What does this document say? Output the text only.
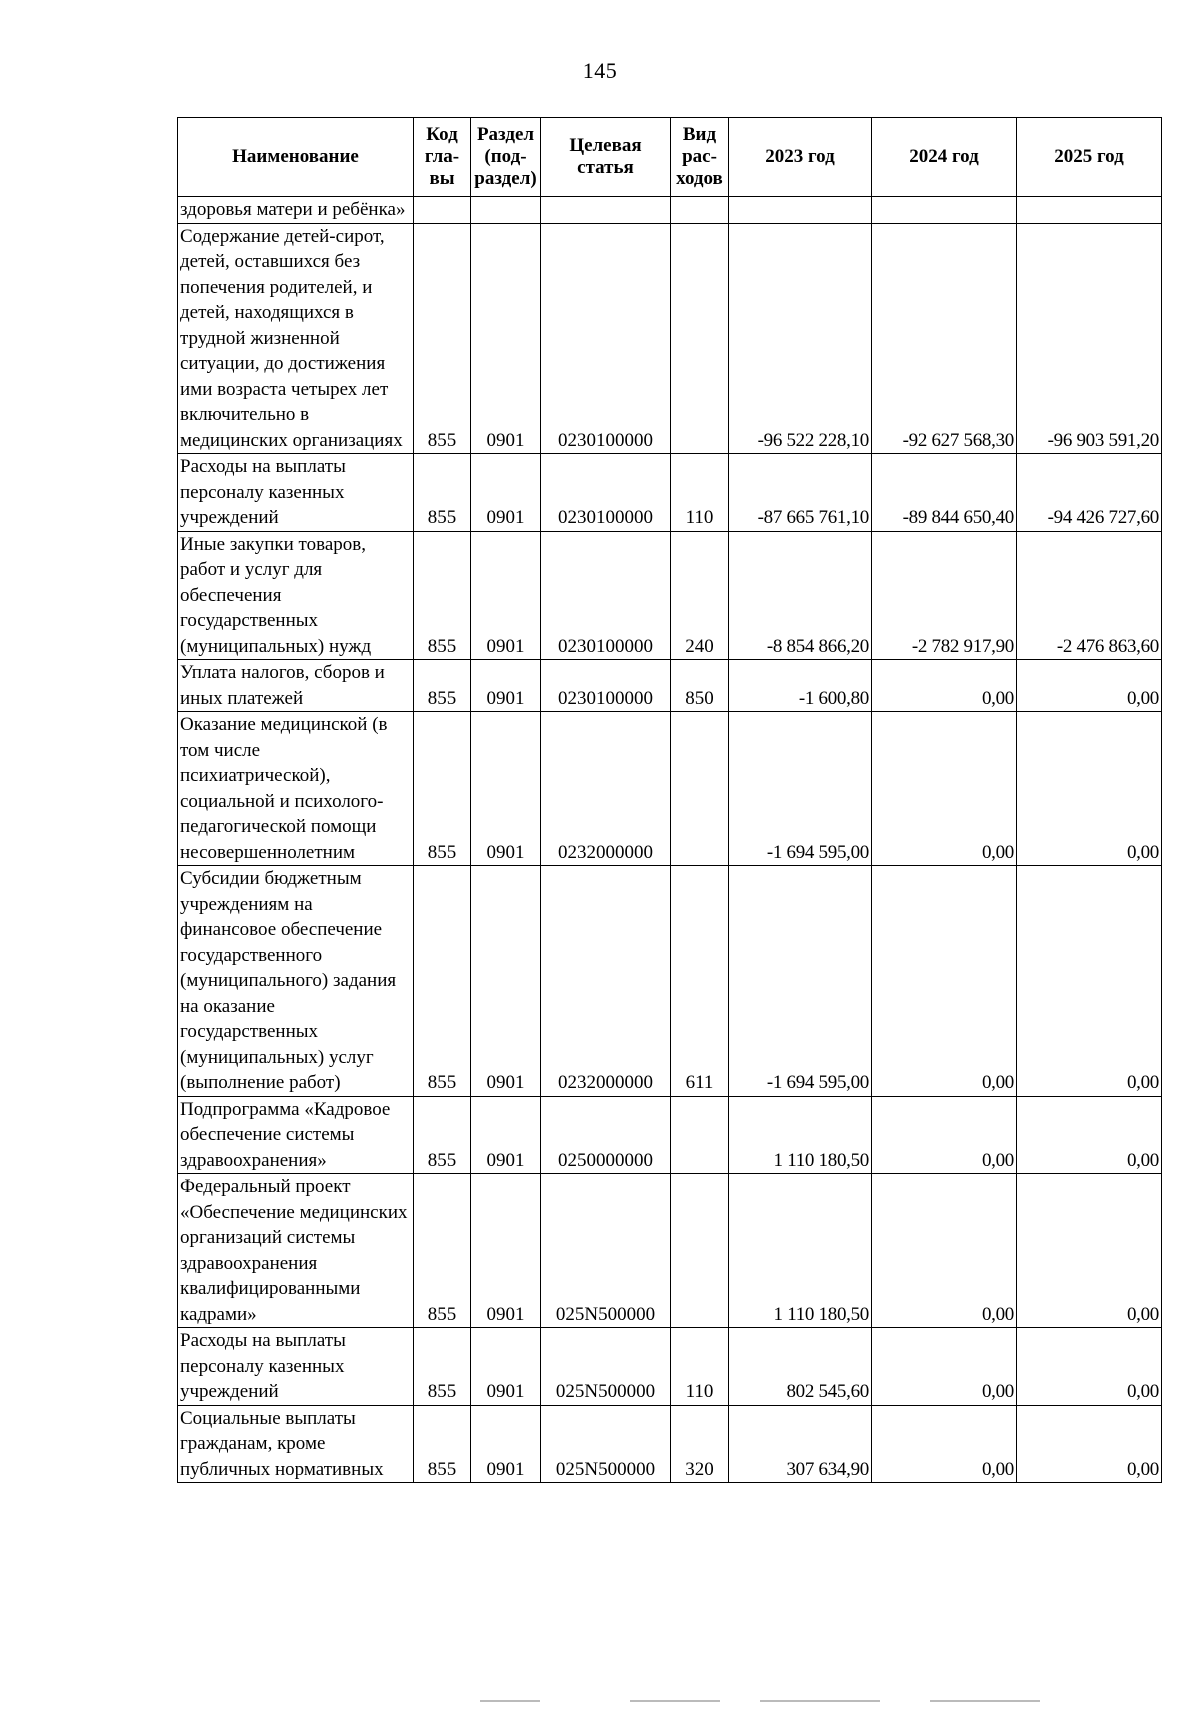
145
Наименование	Код
гла-
вы	Раздел
(под-
раздел)	Целевая
статья	Вид
рас-
ходов	2023 год	2024 год	2025 год
здоровья матери и ребёнка»							
Содержание детей-сирот, детей, оставшихся без попечения родителей, и детей, находящихся в трудной жизненной ситуации, до достижения ими возраста четырех лет включительно в медицинских организациях	855	0901	0230100000		-96 522 228,10	-92 627 568,30	-96 903 591,20
Расходы на выплаты персоналу казенных учреждений	855	0901	0230100000	110	-87 665 761,10	-89 844 650,40	-94 426 727,60
Иные закупки товаров, работ и услуг для обеспечения государственных (муниципальных) нужд	855	0901	0230100000	240	-8 854 866,20	-2 782 917,90	-2 476 863,60
Уплата налогов, сборов и иных платежей	855	0901	0230100000	850	-1 600,80	0,00	0,00
Оказание медицинской (в том числе психиатрической), социальной и психолого-педагогической помощи несовершеннолетним	855	0901	0232000000		-1 694 595,00	0,00	0,00
Субсидии бюджетным учреждениям на финансовое обеспечение государственного (муниципального) задания на оказание государственных (муниципальных) услуг (выполнение работ)	855	0901	0232000000	611	-1 694 595,00	0,00	0,00
Подпрограмма «Кадровое обеспечение системы здравоохранения»	855	0901	0250000000		1 110 180,50	0,00	0,00
Федеральный проект «Обеспечение медицинских организаций системы здравоохранения квалифицированными кадрами»	855	0901	025N500000		1 110 180,50	0,00	0,00
Расходы на выплаты персоналу казенных учреждений	855	0901	025N500000	110	802 545,60	0,00	0,00
Социальные выплаты гражданам, кроме публичных нормативных	855	0901	025N500000	320	307 634,90	0,00	0,00
